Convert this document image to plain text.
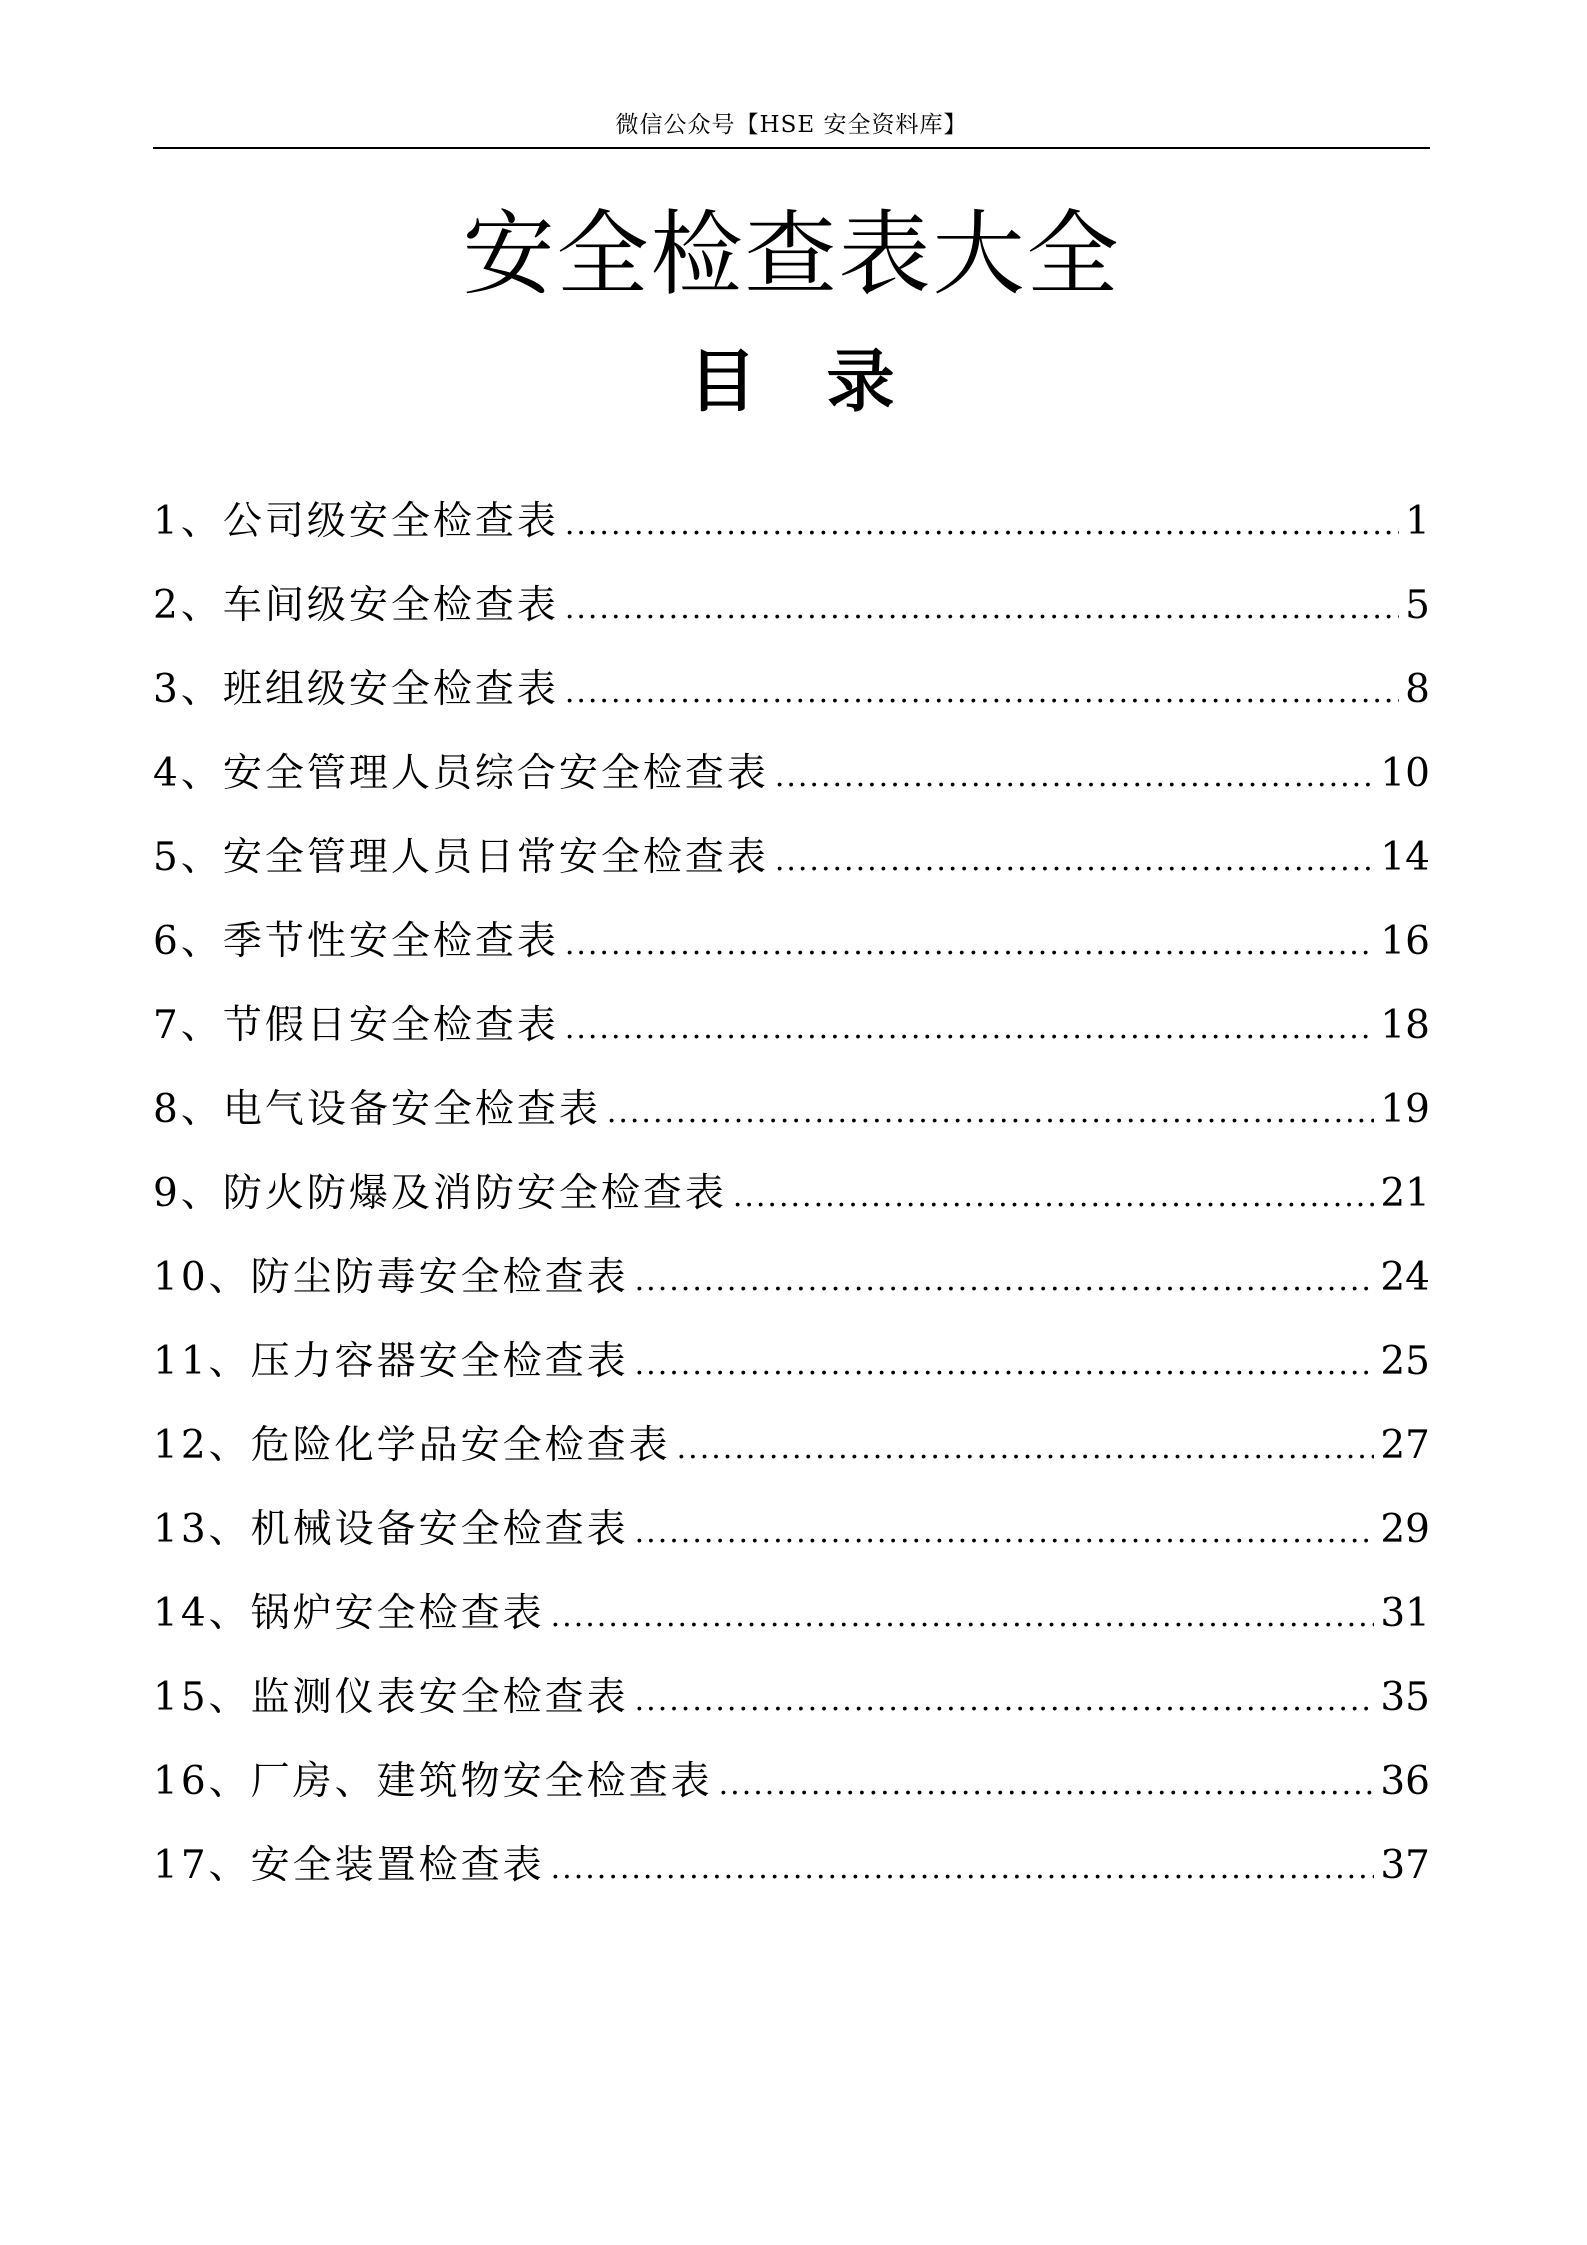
微信公众号【HSE 安全资料库】
安全检查表大全
目录
1、公司级安全检查表 .....	1
2、车间级安全检查表 .....	5
3、班组级安全检查表 .....	8
4、安全管理人员综合安全检查表 .....	10
5、安全管理人员日常安全检查表 .....	14
6、季节性安全检查表 .....	16
7、节假日安全检查表 .....	18
8、电气设备安全检查表 .....	19
9、防火防爆及消防安全检查表 .....	21
10、防尘防毒安全检查表 .....	24
11、压力容器安全检查表 .....	25
12、危险化学品安全检查表 .....	27
13、机械设备安全检查表 .....	29
14、锅炉安全检查表 .....	31
15、监测仪表安全检查表 .....	35
16、厂房、建筑物安全检查表 .....	36
17、安全装置检查表 .....	37
